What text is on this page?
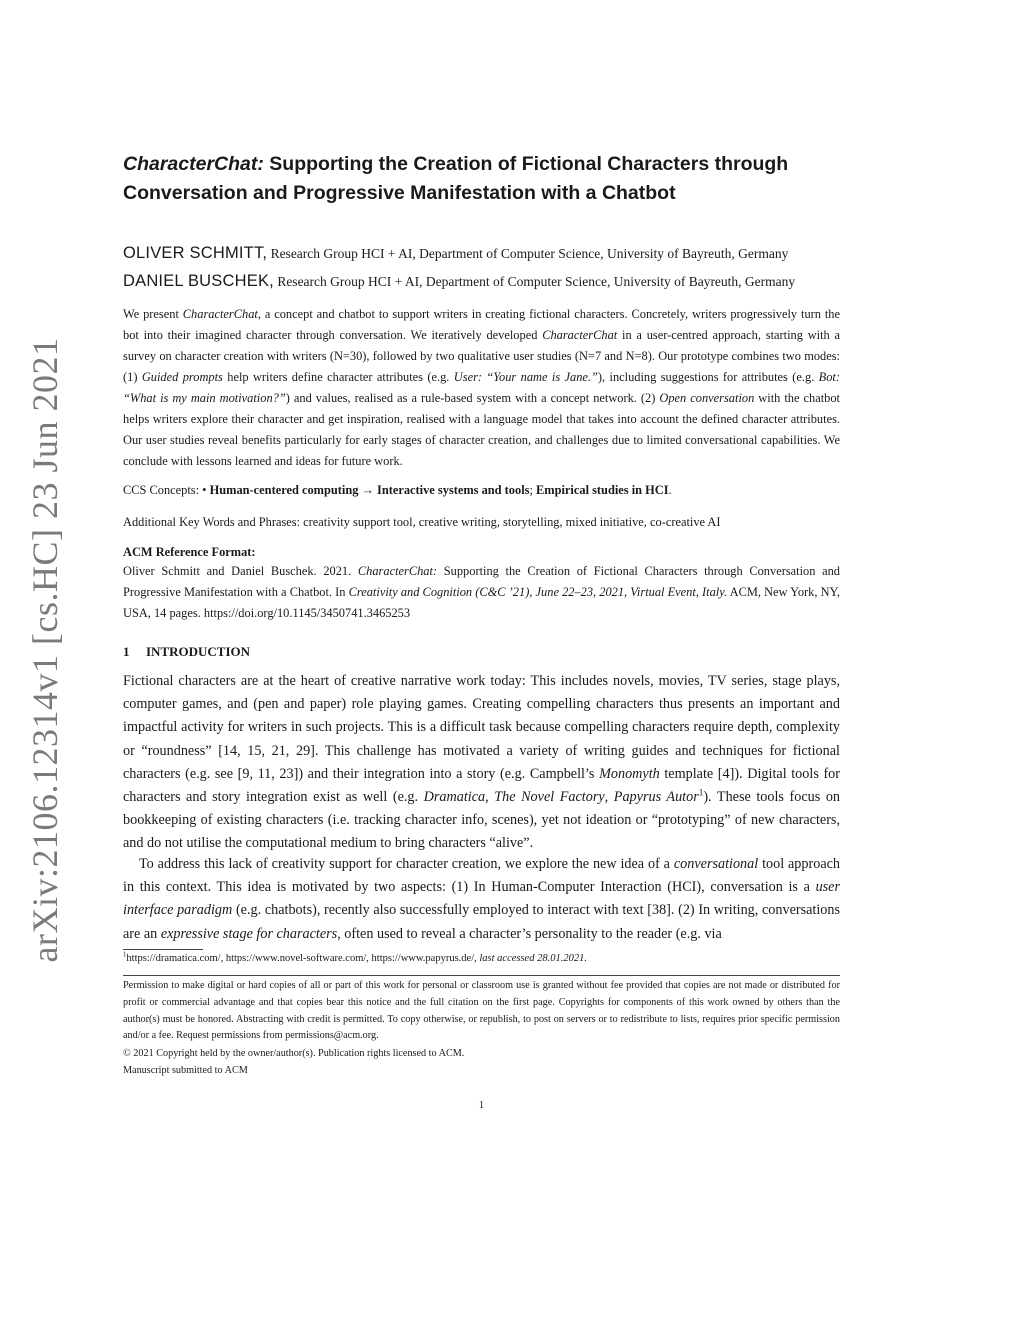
arXiv:2106.12314v1 [cs.HC] 23 Jun 2021
CharacterChat: Supporting the Creation of Fictional Characters through
Conversation and Progressive Manifestation with a Chatbot
OLIVER SCHMITT, Research Group HCI + AI, Department of Computer Science, University of Bayreuth, Germany
DANIEL BUSCHEK, Research Group HCI + AI, Department of Computer Science, University of Bayreuth, Germany

We present CharacterChat, a concept and chatbot to support writers in creating fictional characters. Concretely, writers progressively turn the bot into their imagined character through conversation. We iteratively developed CharacterChat in a user-centred approach, starting with a survey on character creation with writers (N=30), followed by two qualitative user studies (N=7 and N=8). Our prototype combines two modes: (1) Guided prompts help writers define character attributes (e.g. User: “Your name is Jane.”), including suggestions for attributes (e.g. Bot: “What is my main motivation?”) and values, realised as a rule-based system with a concept network. (2) Open conversation with the chatbot helps writers explore their character and get inspiration, realised with a language model that takes into account the defined character attributes. Our user studies reveal benefits particularly for early stages of character creation, and challenges due to limited conversational capabilities. We conclude with lessons learned and ideas for future work.

CCS Concepts: • Human-centered computing → Interactive systems and tools; Empirical studies in HCI.
Additional Key Words and Phrases: creativity support tool, creative writing, storytelling, mixed initiative, co-creative AI
ACM Reference Format:
Oliver Schmitt and Daniel Buschek. 2021. CharacterChat: Supporting the Creation of Fictional Characters through Conversation and Progressive Manifestation with a Chatbot. In Creativity and Cognition (C&C ’21), June 22–23, 2021, Virtual Event, Italy. ACM, New York, NY, USA, 14 pages. https://doi.org/10.1145/3450741.3465253
1 INTRODUCTION

Fictional characters are at the heart of creative narrative work today: This includes novels, movies, TV series, stage plays, computer games, and (pen and paper) role playing games. Creating compelling characters thus presents an important and impactful activity for writers in such projects. This is a difficult task because compelling characters require depth, complexity or “roundness” [14, 15, 21, 29]. This challenge has motivated a variety of writing guides and techniques for fictional characters (e.g. see [9, 11, 23]) and their integration into a story (e.g. Campbell’s Monomyth template [4]). Digital tools for characters and story integration exist as well (e.g. Dramatica, The Novel Factory, Papyrus Autor$^1$). These tools focus on bookkeeping of existing characters (i.e. tracking character info, scenes), yet not ideation or “prototyping” of new characters, and do not utilise the computational medium to bring characters “alive”.

To address this lack of creativity support for character creation, we explore the new idea of a conversational tool approach in this context. This idea is motivated by two aspects: (1) In Human-Computer Interaction (HCI), conversation is a user interface paradigm (e.g. chatbots), recently also successfully employed to interact with text [38]. (2) In writing, conversations are an expressive stage for characters, often used to reveal a character’s personality to the reader (e.g. via

$^1$https://dramatica.com/, https://www.novel-software.com/, https://www.papyrus.de/, last accessed 28.01.2021.

Permission to make digital or hard copies of all or part of this work for personal or classroom use is granted without fee provided that copies are not made or distributed for profit or commercial advantage and that copies bear this notice and the full citation on the first page. Copyrights for components of this work owned by others than the author(s) must be honored. Abstracting with credit is permitted. To copy otherwise, or republish, to post on servers or to redistribute to lists, requires prior specific permission and/or a fee. Request permissions from permissions@acm.org.

© 2021 Copyright held by the owner/author(s). Publication rights licensed to ACM.
Manuscript submitted to ACM
1
